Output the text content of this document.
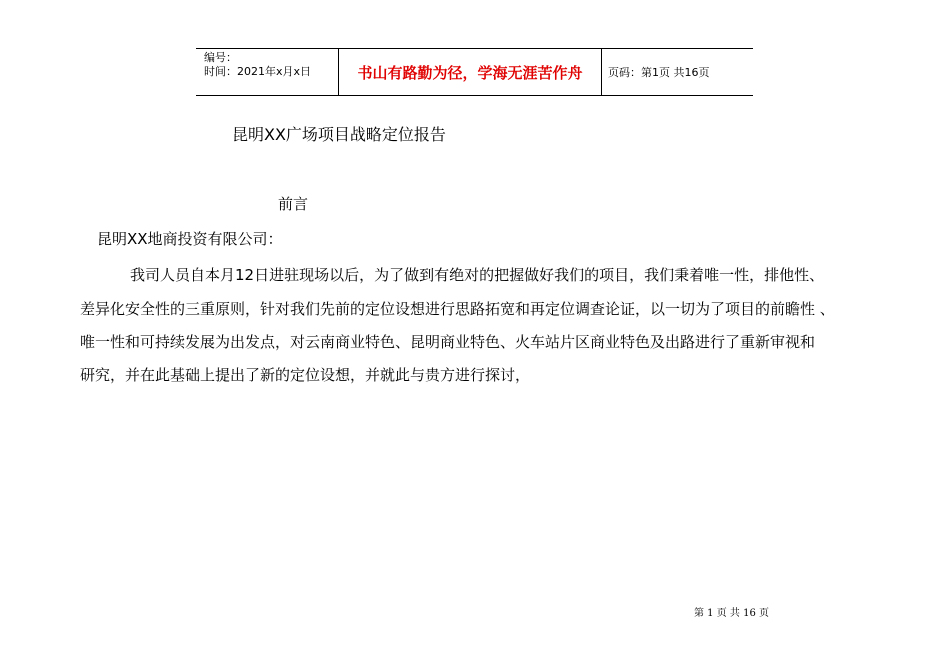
编号：
时间：2021年x月x日	书山有路勤为径，学海无涯苦作舟 页码：第1页 共16页
昆明XX广场项目战略定位报告
前言
昆明XX地商投资有限公司：
我司人员自本月12日进驻现场以后，为了做到有绝对的把握做好我们的项目，我们秉着唯一性，排他性、
差异化安全性的三重原则，针对我们先前的定位设想进行思路拓宽和再定位调查论证，以一切为了项目的前瞻性 、
唯一性和可持续发展为出发点，对云南商业特色、昆明商业特色、火车站片区商业特色及出路进行了重新审视和
研究，并在此基础上提出了新的定位设想，并就此与贵方进行探讨，
第 1 页 共 16 页
